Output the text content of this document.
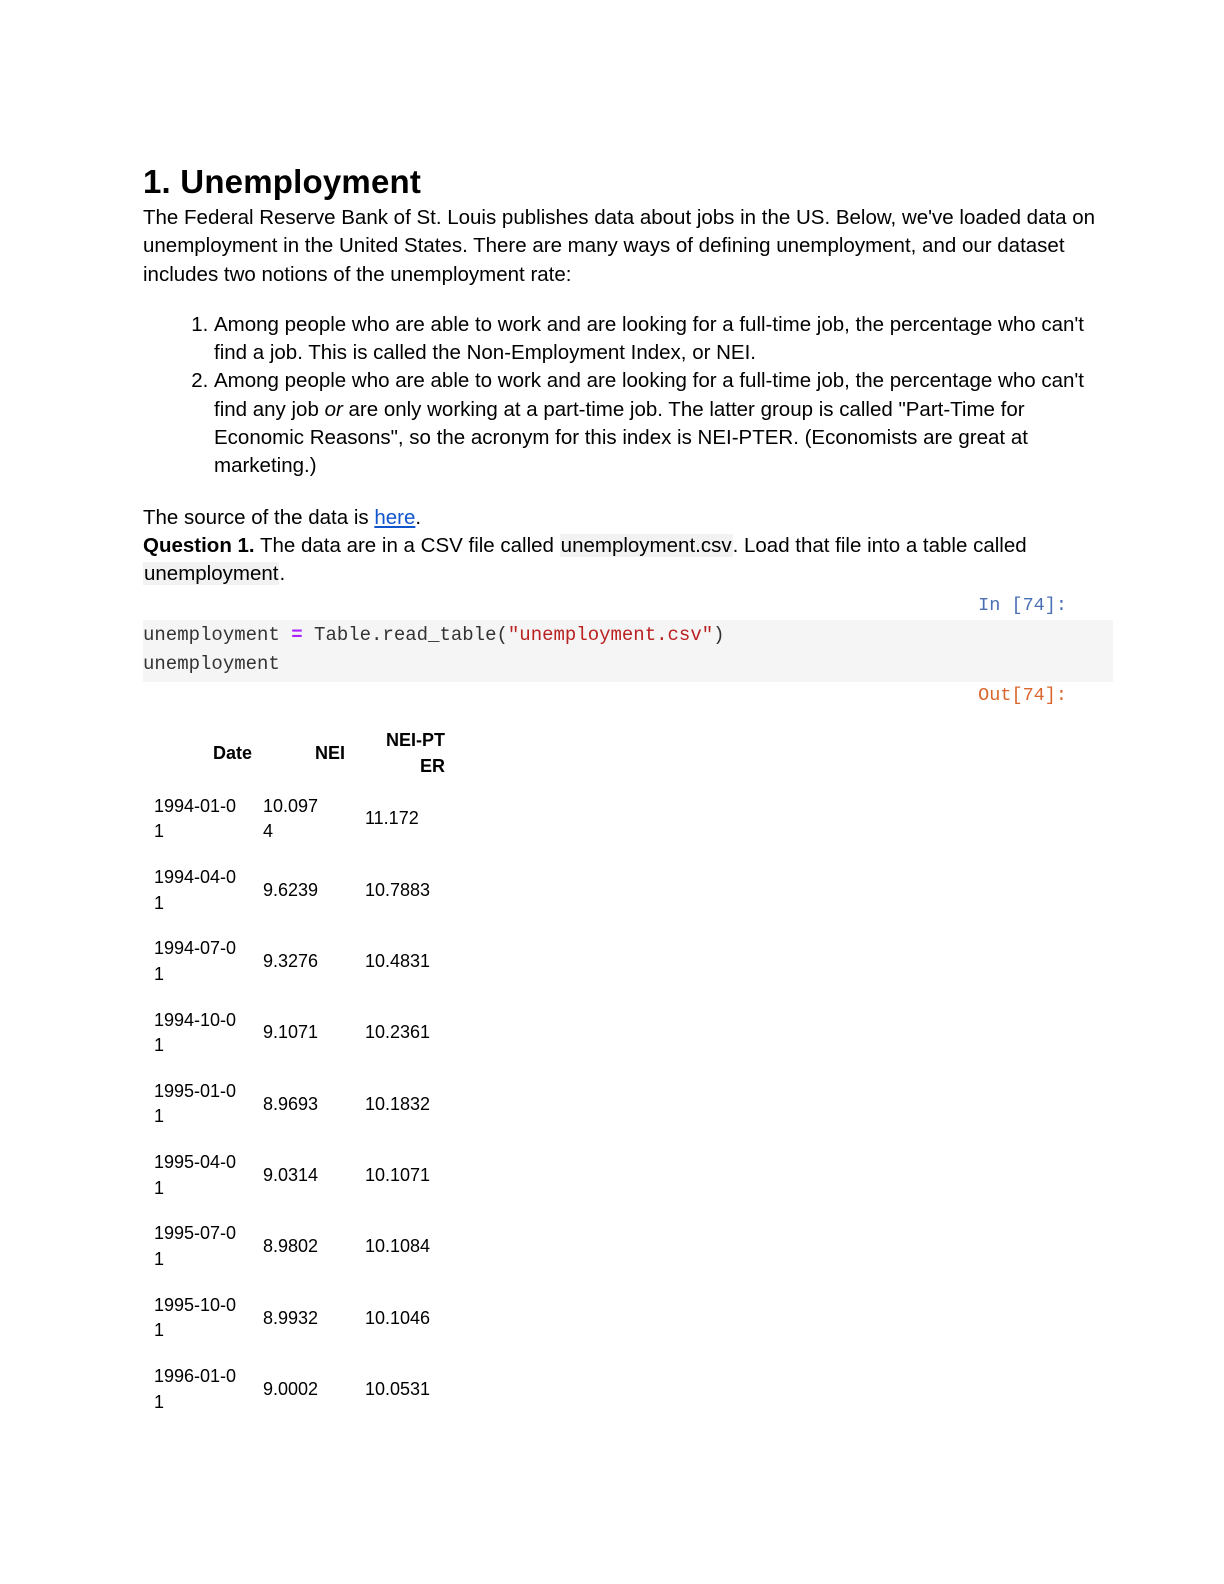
1. Unemployment

The Federal Reserve Bank of St. Louis publishes data about jobs in the US. Below, we've loaded data on unemployment in the United States. There are many ways of defining unemployment, and our dataset includes two notions of the unemployment rate:

1. Among people who are able to work and are looking for a full-time job, the percentage who can't find a job. This is called the Non-Employment Index, or NEI.
2. Among people who are able to work and are looking for a full-time job, the percentage who can't find any job or are only working at a part-time job. The latter group is called "Part-Time for Economic Reasons", so the acronym for this index is NEI-PTER. (Economists are great at marketing.)

The source of the data is here.

Question 1. The data are in a CSV file called unemployment.csv. Load that file into a table called unemployment.

In [74]:
unemployment = Table.read_table("unemployment.csv")
unemployment
Out[74]:
Date	NEI	NEI-PTER
1994-01-01	10.0974	11.172
1994-04-01	9.6239	10.7883
1994-07-01	9.3276	10.4831
1994-10-01	9.1071	10.2361
1995-01-01	8.9693	10.1832
1995-04-01	9.0314	10.1071
1995-07-01	8.9802	10.1084
1995-10-01	8.9932	10.1046
1996-01-01	9.0002	10.0531
